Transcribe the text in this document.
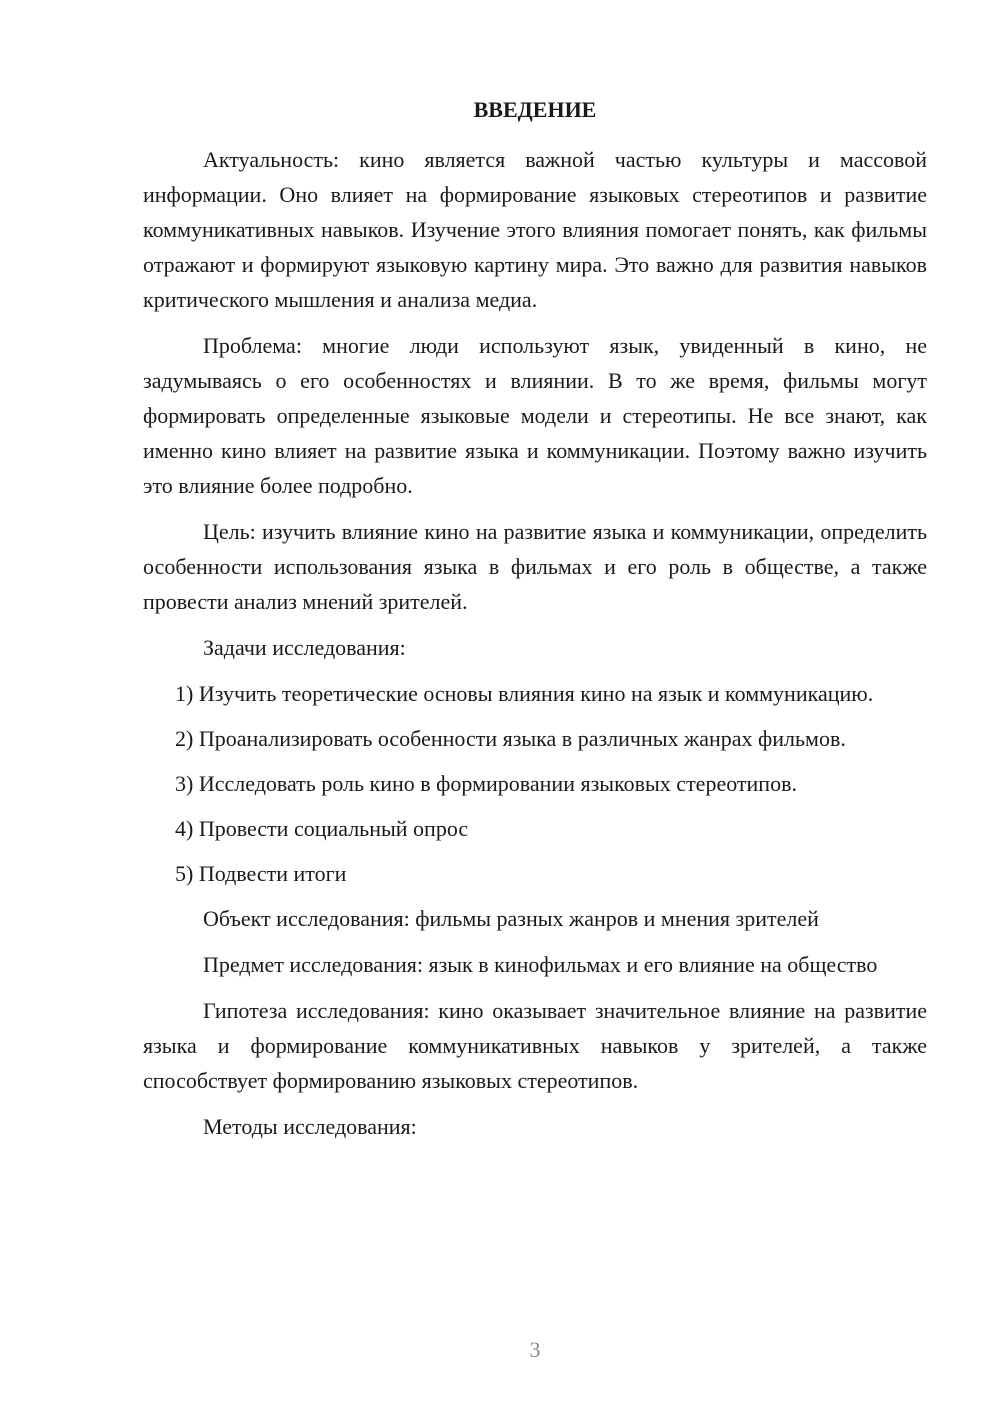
ВВЕДЕНИЕ

Актуальность: кино является важной частью культуры и массовой информации. Оно влияет на формирование языковых стереотипов и развитие коммуникативных навыков. Изучение этого влияния помогает понять, как фильмы отражают и формируют языковую картину мира. Это важно для развития навыков критического мышления и анализа медиа.

Проблема: многие люди используют язык, увиденный в кино, не задумываясь о его особенностях и влиянии. В то же время, фильмы могут формировать определенные языковые модели и стереотипы. Не все знают, как именно кино влияет на развитие языка и коммуникации. Поэтому важно изучить это влияние более подробно.

Цель: изучить влияние кино на развитие языка и коммуникации, определить особенности использования языка в фильмах и его роль в обществе, а также провести анализ мнений зрителей.

Задачи исследования:

1) Изучить теоретические основы влияния кино на язык и коммуникацию.

2) Проанализировать особенности языка в различных жанрах фильмов.

3) Исследовать роль кино в формировании языковых стереотипов.

4) Провести социальный опрос

5) Подвести итоги

Объект исследования: фильмы разных жанров и мнения зрителей

Предмет исследования: язык в кинофильмах и его влияние на общество

Гипотеза исследования: кино оказывает значительное влияние на развитие языка и формирование коммуникативных навыков у зрителей, а также способствует формированию языковых стереотипов.

Методы исследования:

3
